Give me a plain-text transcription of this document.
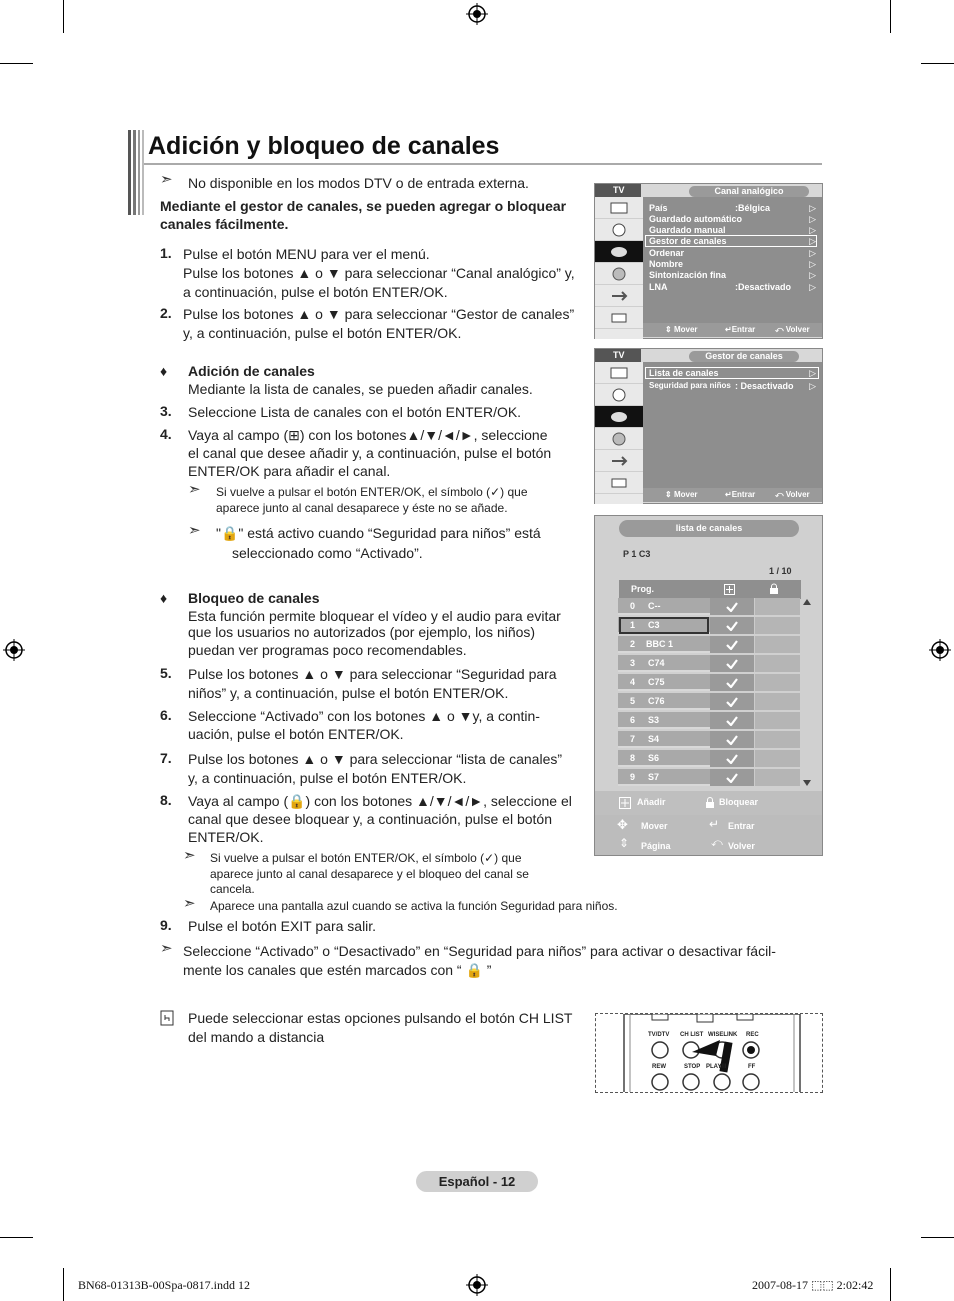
Adición y bloqueo de canales
➣ No disponible en los modos DTV o de entrada externa.
Mediante el gestor de canales, se pueden agregar o bloquear canales fácilmente.
1. Pulse el botón MENU para ver el menú.
Pulse los botones ▲ o ▼ para seleccionar “Canal analógico” y,
a continuación, pulse el botón ENTER/OK.
2. Pulse los botones ▲ o ▼ para seleccionar “Gestor de canales”
y, a continuación, pulse el botón ENTER/OK.
♦ Adición de canales
Mediante la lista de canales, se pueden añadir canales.
3. Seleccione Lista de canales con el botón ENTER/OK.
4. Vaya al campo (⊞) con los botones▲/▼/◄/►, seleccione
el canal que desee añadir y, a continuación, pulse el botón
ENTER/OK para añadir el canal.
➣ Si vuelve a pulsar el botón ENTER/OK, el símbolo (✓) que
aparece junto al canal desaparece y éste no se añade.
➣ "🔒" está activo cuando “Seguridad para niños” está
seleccionado como “Activado”.
♦ Bloqueo de canales
Esta función permite bloquear el vídeo y el audio para evitar
que los usuarios no autorizados (por ejemplo, los niños)
puedan ver programas poco recomendables.
5. Pulse los botones ▲ o ▼ para seleccionar “Seguridad para
niños” y, a continuación, pulse el botón ENTER/OK.
6. Seleccione “Activado” con los botones ▲ o ▼y, a contin-
uación, pulse el botón ENTER/OK.
7. Pulse los botones ▲ o ▼ para seleccionar “lista de canales”
y, a continuación, pulse el botón ENTER/OK.
8. Vaya al campo (🔒) con los botones ▲/▼/◄/►, seleccione el
canal que desee bloquear y, a continuación, pulse el botón
ENTER/OK.
➣ Si vuelve a pulsar el botón ENTER/OK, el símbolo (✓) que
aparece junto al canal desaparece y el bloqueo del canal se
cancela.
➣ Aparece una pantalla azul cuando se activa la función Seguridad para niños.
9. Pulse el botón EXIT para salir.
➣ Seleccione “Activado” o “Desactivado” en “Seguridad para niños” para activar o desactivar fácil-
mente los canales que estén marcados con “ 🔒 ”
Puede seleccionar estas opciones pulsando el botón CH LIST
del mando a distancia
TV	Canal analógico
País	:Bélgica	▷
Guardado automático	▷
Guardado manual	▷
Gestor de canales	▷
Ordenar	▷
Nombre	▷
Sintonización fina	▷
LNA	:Desactivado ▷
⇕ Mover	↵Entrar ⤺ Volver
TV	Gestor de canales
Lista de canales	▷
Seguridad para niños : Desactivado ▷
⇕ Mover	↵Entrar ⤺ Volver
lista de canales
P 1 C3
1 / 10
Prog.
Añadir	Bloquear
✥ Mover	↵ Entrar
⇕ Página	⤺ Volver
0 C--
1 C3
2 BBC 1
3 C74
4 C75
5 C76
6 S3
7 S4
8 S6
9 S7
TV/DTV CH LIST WISELINK REC
REW	STOP PLAY/II	FF
Español - 12
BN68-01313B-00Spa-0817.indd 12	2007-08-17 ⬚⬚ 2:02:42
